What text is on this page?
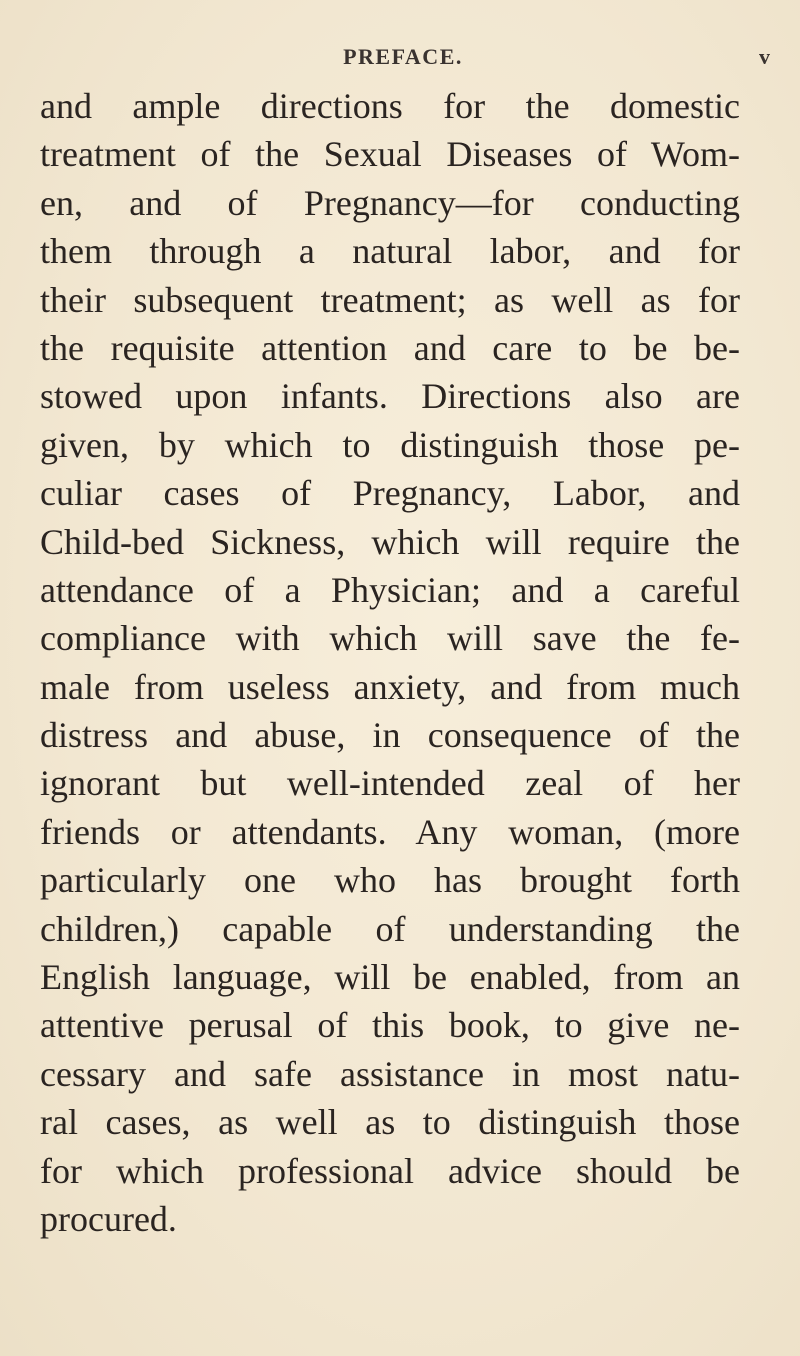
PREFACE.	v
and ample directions for the domestic
treatment of the Sexual Diseases of Wom-
en, and of Pregnancy—for conducting
them through a natural labor, and for
their subsequent treatment; as well as for
the requisite attention and care to be be-
stowed upon infants. Directions also are
given, by which to distinguish those pe-
culiar cases of Pregnancy, Labor, and
Child-bed Sickness, which will require the
attendance of a Physician; and a careful
compliance with which will save the fe-
male from useless anxiety, and from much
distress and abuse, in consequence of the
ignorant but well-intended zeal of her
friends or attendants. Any woman, (more
particularly one who has brought forth
children,) capable of understanding the
English language, will be enabled, from an
attentive perusal of this book, to give ne-
cessary and safe assistance in most natu-
ral cases, as well as to distinguish those
for which professional advice should be
procured.
